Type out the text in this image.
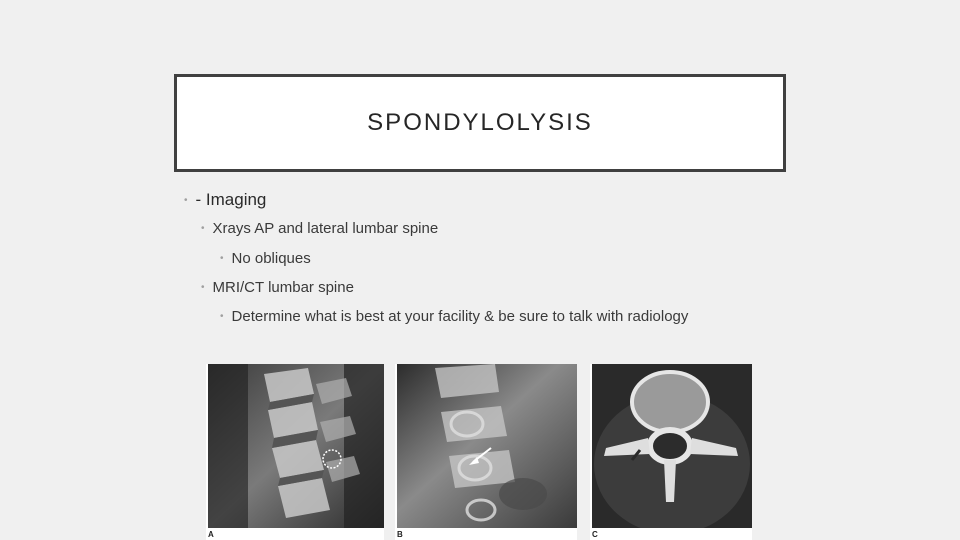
SPONDYLOLYSIS
• - Imaging
• Xrays AP and lateral lumbar spine
• No obliques
• MRI/CT lumbar spine
• Determine what is best at your facility & be sure to talk with radiology
A	B	C
